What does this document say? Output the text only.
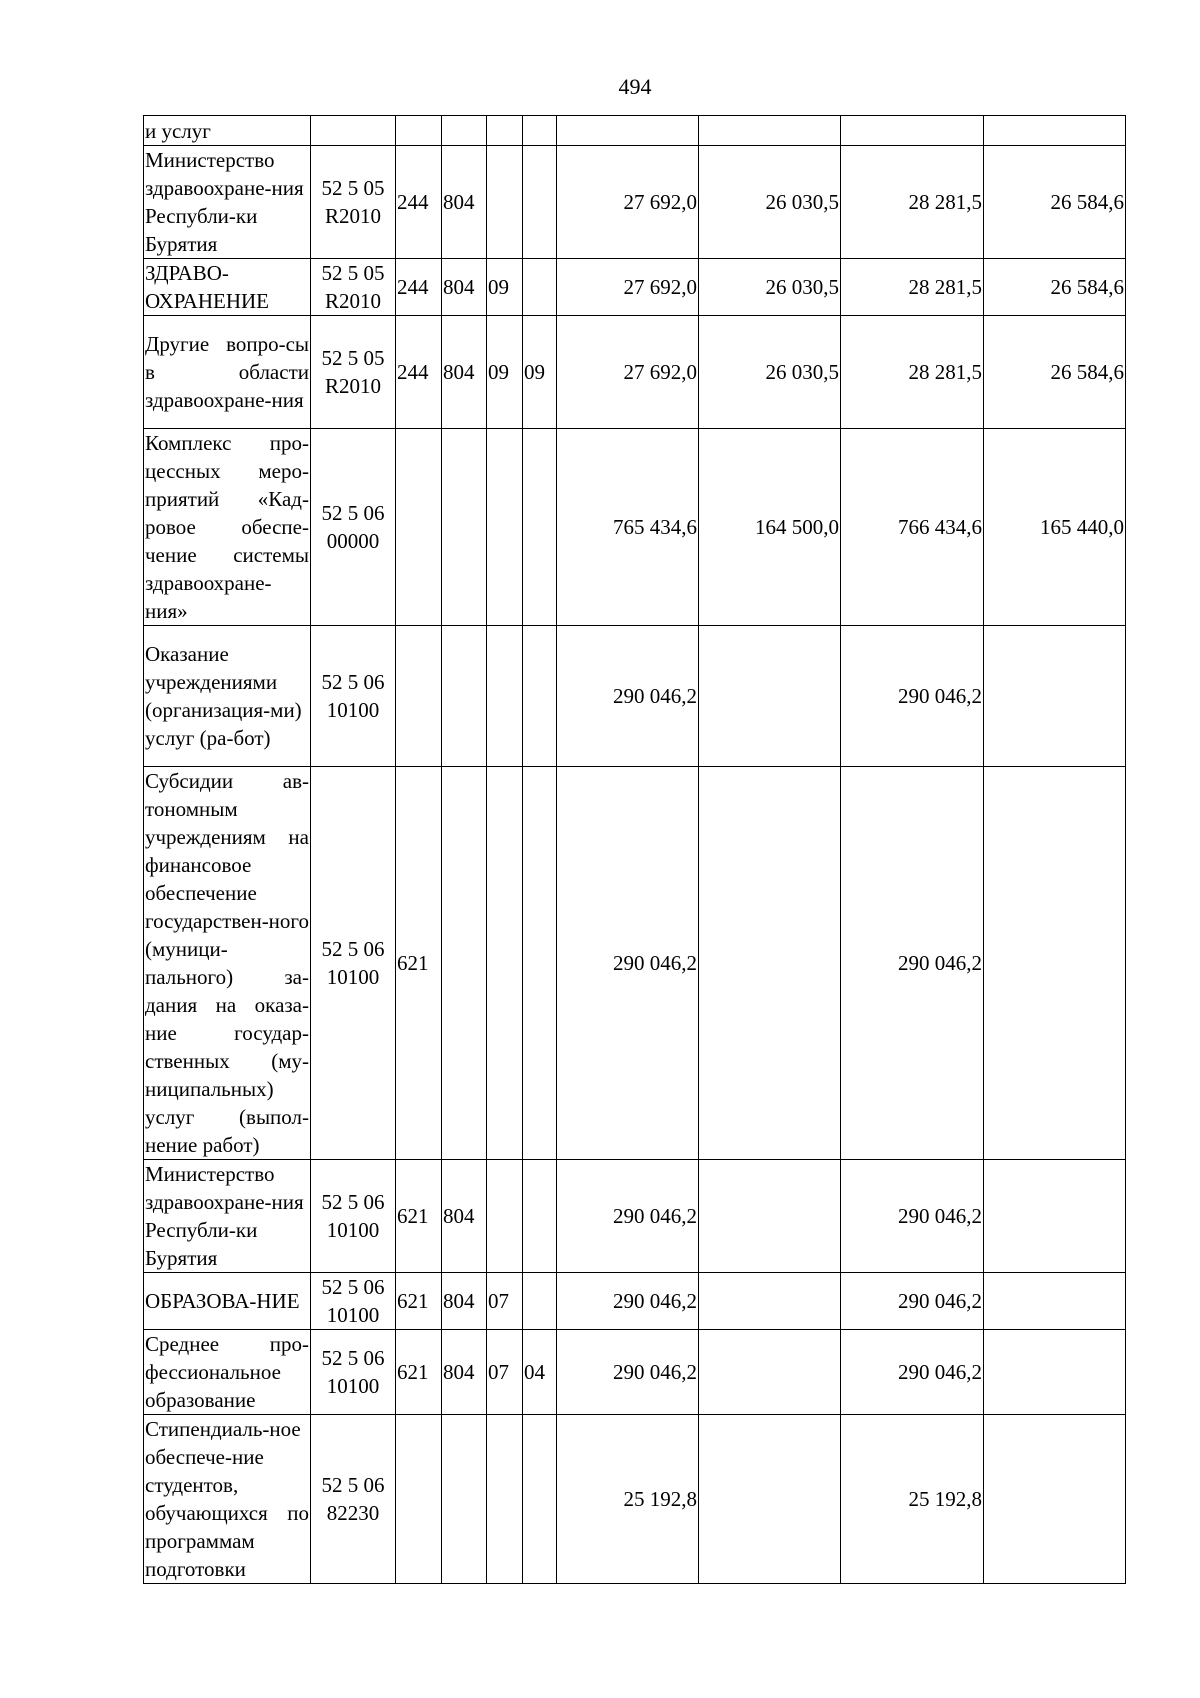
494
и услуг									
Министерство здравоохране-ния Республи-ки Бурятия	52 5 05 R2010	244	804			27 692,0	26 030,5	28 281,5	26 584,6
ЗДРАВО-ОХРАНЕНИЕ	52 5 05 R2010	244	804	09		27 692,0	26 030,5	28 281,5	26 584,6
Другие вопро-сы в области здравоохране-ния	52 5 05 R2010	244	804	09	09	27 692,0	26 030,5	28 281,5	26 584,6
Комплекс про-цессных меро-приятий «Кад-ровое обеспе-чение системы здравоохране-ния»	52 5 06 00000					765 434,6	164 500,0	766 434,6	165 440,0
Оказание учреждениями (организация-ми) услуг (ра-бот)	52 5 06 10100					290 046,2		290 046,2	
Субсидии ав-тономным учреждениям на финансовое обеспечение государствен-ного (муници-пального) за-дания на оказа-ние государ-ственных (му-ниципальных) услуг (выпол-нение работ)	52 5 06 10100	621				290 046,2		290 046,2	
Министерство здравоохране-ния Республи-ки Бурятия	52 5 06 10100	621	804			290 046,2		290 046,2	
ОБРАЗОВА-НИЕ	52 5 06 10100	621	804	07		290 046,2		290 046,2	
Среднее про-фессиональное образование	52 5 06 10100	621	804	07	04	290 046,2		290 046,2	
Стипендиаль-ное обеспече-ние студентов, обучающихся по программам подготовки	52 5 06 82230					25 192,8		25 192,8	
